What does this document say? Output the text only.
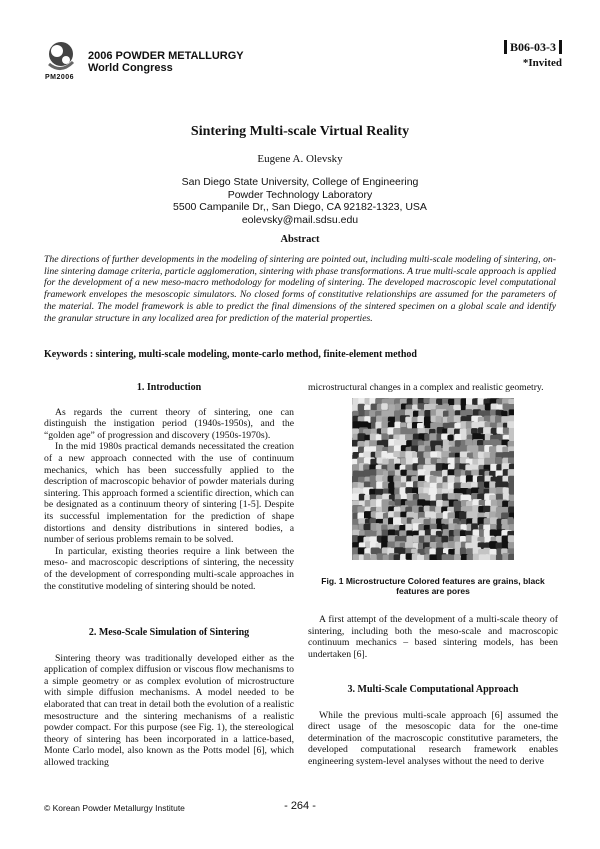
PM2006
2006 POWDER METALLURGY
World Congress
B06-03-3
*Invited
Sintering Multi-scale Virtual Reality
Eugene A. Olevsky
San Diego State University, College of Engineering
Powder Technology Laboratory
5500 Campanile Dr,, San Diego, CA 92182-1323, USA
eolevsky@mail.sdsu.edu
Abstract

The directions of further developments in the modeling of sintering are pointed out, including multi-scale modeling of sintering, on-line sintering damage criteria, particle agglomeration, sintering with phase transformations. A true multi-scale approach is applied for the development of a new meso-macro methodology for modeling of sintering. The developed macroscopic level computational framework envelopes the mesoscopic simulators. No closed forms of constitutive relationships are assumed for the parameters of the material. The model framework is able to predict the final dimensions of the sintered specimen on a global scale and identify the granular structure in any localized area for prediction of the material properties.

Keywords : sintering, multi-scale modeling, monte-carlo method, finite-element method
1. Introduction

As regards the current theory of sintering, one can distinguish the instigation period (1940s-1950s), and the “golden age” of progression and discovery (1950s-1970s).

In the mid 1980s practical demands necessitated the creation of a new approach connected with the use of continuum mechanics, which has been successfully applied to the description of macroscopic behavior of powder materials during sintering. This approach formed a scientific direction, which can be designated as a continuum theory of sintering [1-5]. Despite its successful implementation for the prediction of shape distortions and density distributions in sintered bodies, a number of serious problems remain to be solved.

In particular, existing theories require a link between the meso- and macroscopic descriptions of sintering, the necessity of the development of corresponding multi-scale approaches in the constitutive modeling of sintering should be noted.

2. Meso-Scale Simulation of Sintering

Sintering theory was traditionally developed either as the application of complex diffusion or viscous flow mechanisms to a simple geometry or as complex evolution of microstructure with simple diffusion mechanisms. A model needed to be elaborated that can treat in detail both the evolution of a realistic mesostructure and the sintering mechanisms of a realistic powder compact. For this purpose (see Fig. 1), the stereological theory of sintering has been incorporated in a lattice-based, Monte Carlo model, also known as the Potts model [6], which allowed tracking

microstructural changes in a complex and realistic geometry.
Fig. 1 Microstructure Colored features are grains, black features are pores

A first attempt of the development of a multi-scale theory of sintering, including both the meso-scale and macroscopic continuum mechanics – based sintering models, has been undertaken [6].

3. Multi-Scale Computational Approach

While the previous multi-scale approach [6] assumed the direct usage of the mesoscopic data for the one-time determination of the macroscopic constitutive parameters, the developed computational research framework enables engineering system-level analyses without the need to derive

© Korean Powder Metallurgy Institute	- 264 -
